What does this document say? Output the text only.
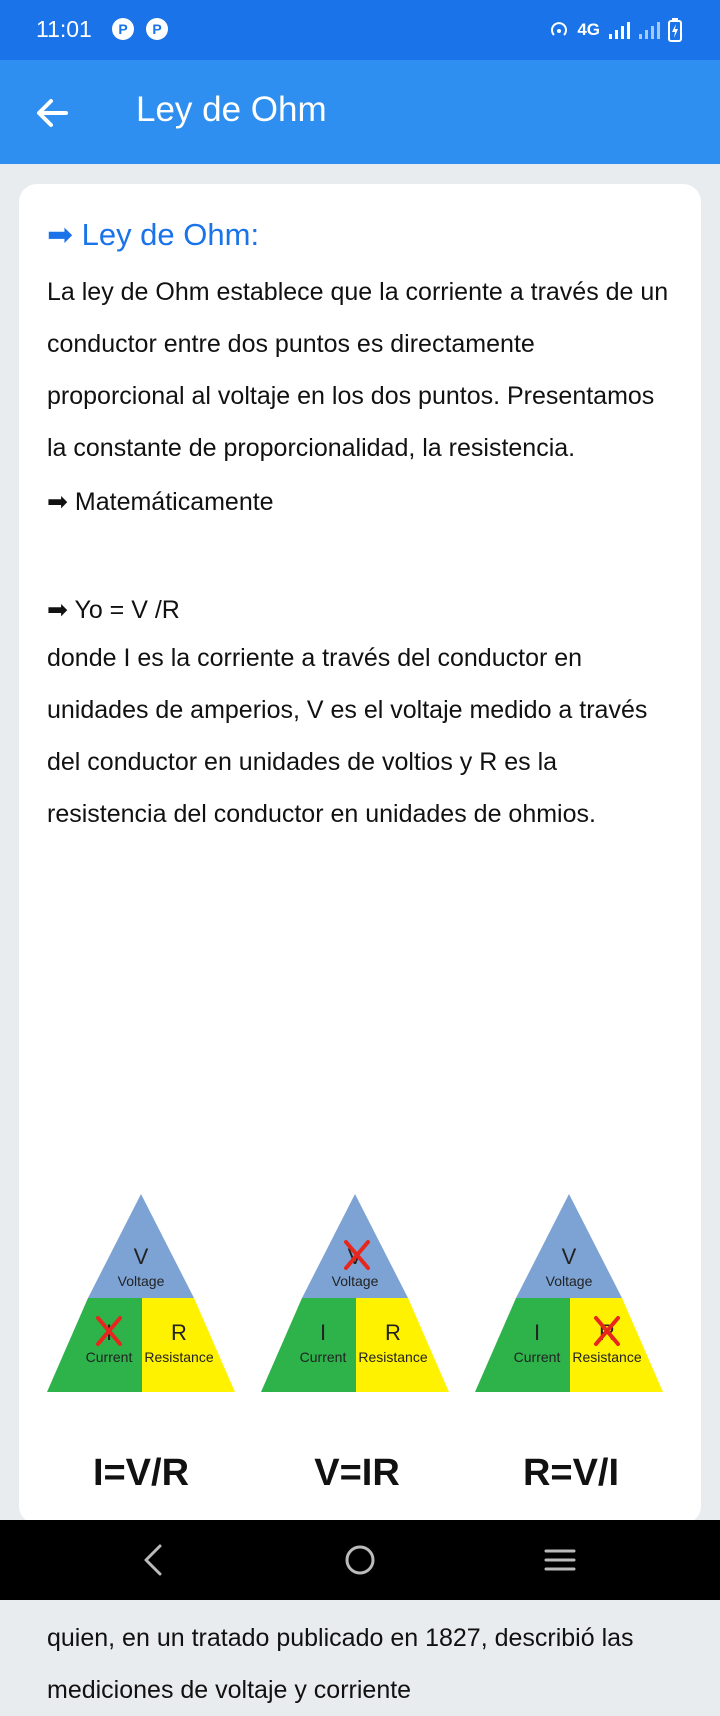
11:01	P	P	4G
Ley de Ohm
➡ Ley de Ohm:

La ley de Ohm establece que la corriente a través de un conductor entre dos puntos es directamente proporcional al voltaje en los dos puntos. Presentamos la constante de proporcionalidad, la resistencia.

➡ Matemáticamente
➡ Yo = V /R

donde I es la corriente a través del conductor en unidades de amperios, V es el voltaje medido a través del conductor en unidades de voltios y R es la resistencia del conductor en unidades de ohmios.

V
Voltage
I
Current
R
Resistance
V
Voltage
I
Current
R
Resistance
V
Voltage
I
Current
R
Resistance
I=V/R	V=IR	R=V/I

quien, en un tratado publicado en 1827, describió las mediciones de voltaje y corriente
